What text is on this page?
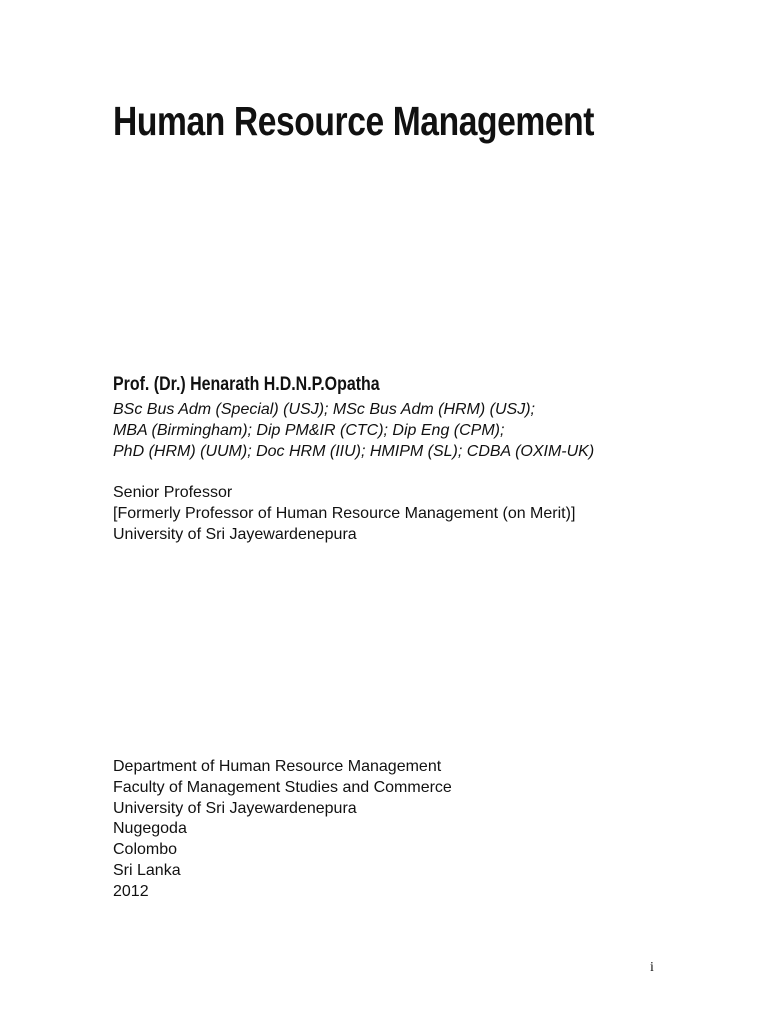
Human Resource Management
Prof. (Dr.) Henarath H.D.N.P.Opatha
BSc Bus Adm (Special) (USJ); MSc Bus Adm (HRM) (USJ);
MBA (Birmingham); Dip PM&IR (CTC); Dip Eng (CPM);
PhD (HRM) (UUM); Doc HRM (IIU); HMIPM (SL); CDBA (OXIM-UK)
Senior Professor
[Formerly Professor of Human Resource Management (on Merit)]
University of Sri Jayewardenepura
Department of Human Resource Management
Faculty of Management Studies and Commerce
University of Sri Jayewardenepura
Nugegoda
Colombo
Sri Lanka
2012
i
